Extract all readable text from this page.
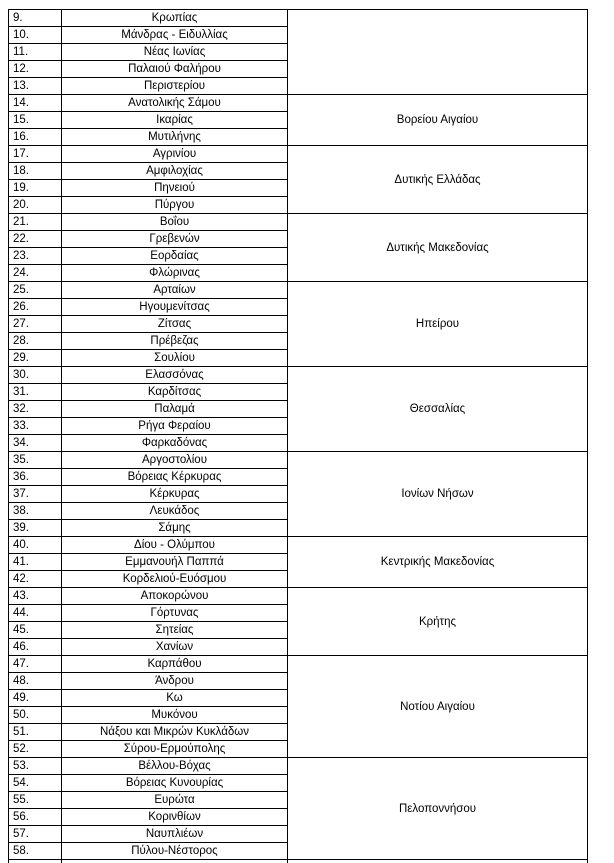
9.	Κρωπίας	
10.	Μάνδρας - Ειδυλλίας	
11.	Νέας Ιωνίας	
12.	Παλαιού Φαλήρου	
13.	Περιστερίου	
14.	Ανατολικής Σάμου	Βορείου Αιγαίου
15.	Ικαρίας	
16.	Μυτιλήνης	
17.	Αγρινίου	Δυτικής Ελλάδας
18.	Αμφιλοχίας	
19.	Πηνειού	
20.	Πύργου	
21.	Βοΐου	Δυτικής Μακεδονίας
22.	Γρεβενών	
23.	Εορδαίας	
24.	Φλώρινας	
25.	Αρταίων	Ηπείρου
26.	Ηγουμενίτσας	
27.	Ζίτσας	
28.	Πρέβεζας	
29.	Σουλίου	
30.	Ελασσόνας	Θεσσαλίας
31.	Καρδίτσας	
32.	Παλαμά	
33.	Ρήγα Φεραίου	
34.	Φαρκαδόνας	
35.	Αργοστολίου	Ιονίων Νήσων
36.	Βόρειας Κέρκυρας	
37.	Κέρκυρας	
38.	Λευκάδος	
39.	Σάμης	
40.	Δίου - Ολύμπου	Κεντρικής Μακεδονίας
41.	Εμμανουήλ Παππά	
42.	Κορδελιού-Ευόσμου	
43.	Αποκορώνου	Κρήτης
44.	Γόρτυνας	
45.	Σητείας	
46.	Χανίων	
47.	Καρπάθου	Νοτίου Αιγαίου
48.	Άνδρου	
49.	Κω	
50.	Μυκόνου	
51.	Νάξου και Μικρών Κυκλάδων	
52.	Σύρου-Ερμούπολης	
53.	Βέλλου-Βόχας	Πελοποννήσου
54.	Βόρειας Κυνουρίας	
55.	Ευρώτα	
56.	Κορινθίων	
57.	Ναυπλιέων	
58.	Πύλου-Νέστορος	
